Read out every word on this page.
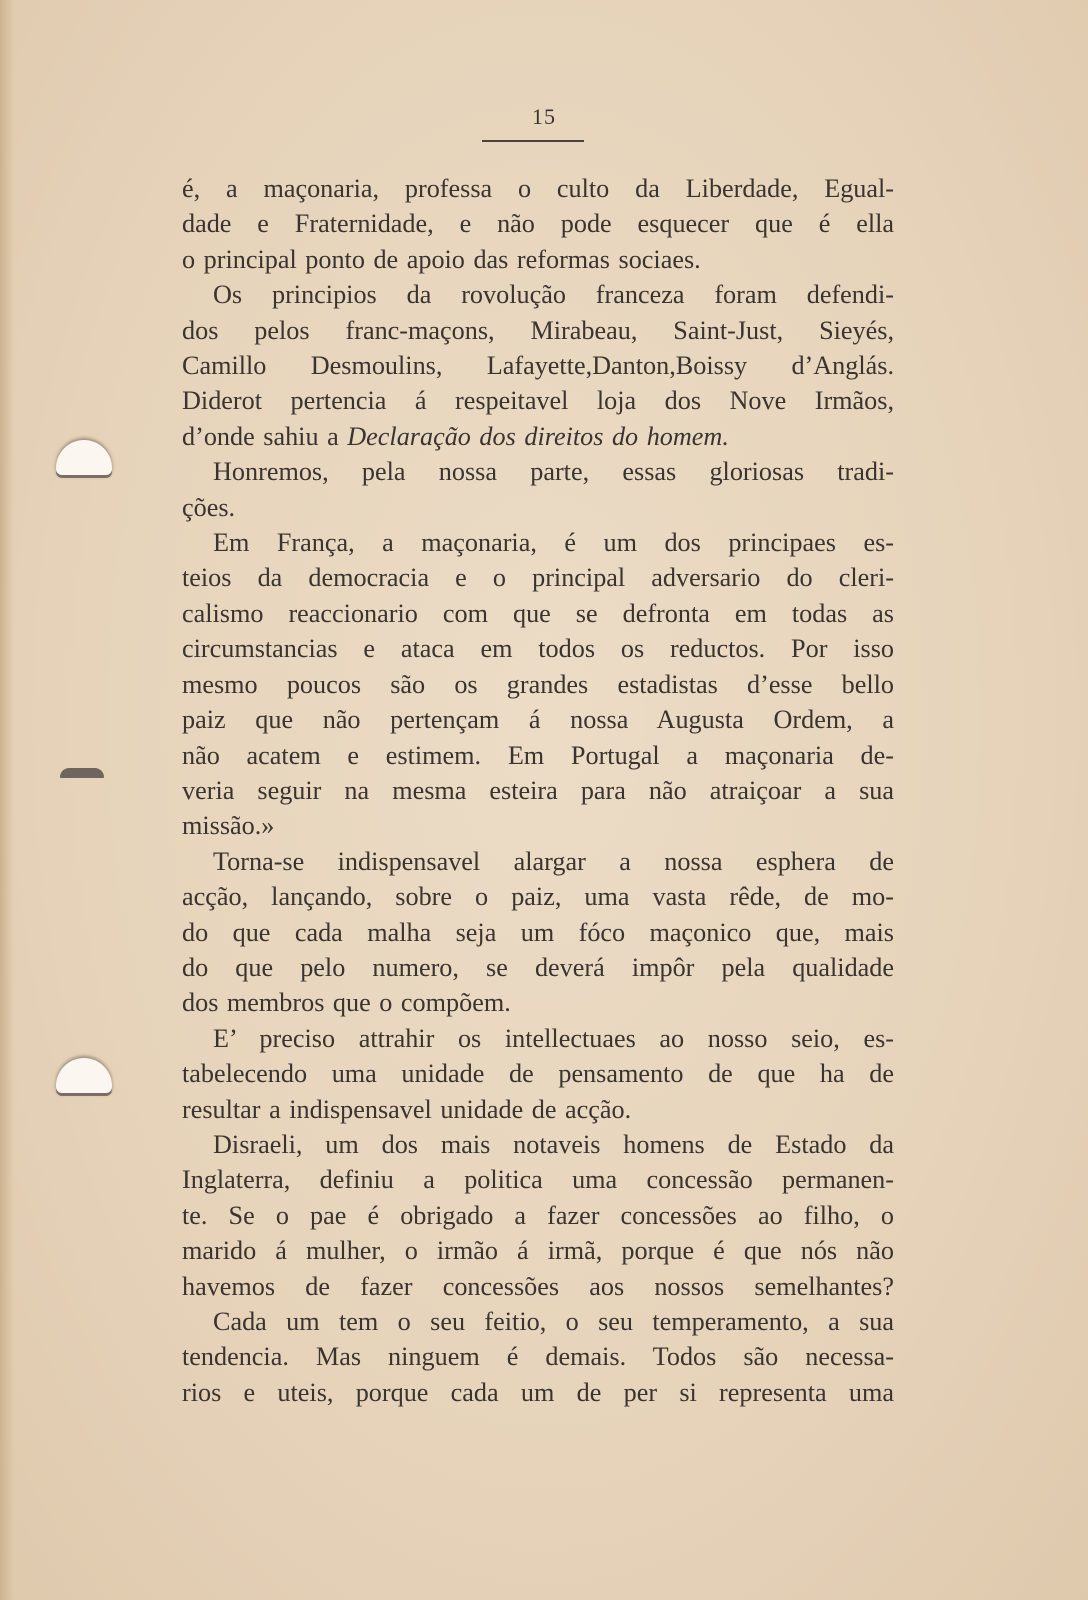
15
é, a maçonaria, professa o culto da Liberdade, Egual-
dade e Fraternidade, e não pode esquecer que é ella
o principal ponto de apoio das reformas sociaes.
Os principios da rovolução franceza foram defendi-
dos pelos franc-maçons, Mirabeau, Saint-Just, Sieyés,
Camillo Desmoulins, Lafayette,Danton,Boissy d’Anglás.
Diderot pertencia á respeitavel loja dos Nove Irmãos,
d’onde sahiu a Declaração dos direitos do homem.
Honremos, pela nossa parte, essas gloriosas tradi-
ções.
Em França, a maçonaria, é um dos principaes es-
teios da democracia e o principal adversario do cleri-
calismo reaccionario com que se defronta em todas as
circumstancias e ataca em todos os reductos. Por isso
mesmo poucos são os grandes estadistas d’esse bello
paiz que não pertençam á nossa Augusta Ordem, a
não acatem e estimem. Em Portugal a maçonaria de-
veria seguir na mesma esteira para não atraiçoar a sua
missão.»
Torna-se indispensavel alargar a nossa esphera de
acção, lançando, sobre o paiz, uma vasta rêde, de mo-
do que cada malha seja um fóco maçonico que, mais
do que pelo numero, se deverá impôr pela qualidade
dos membros que o compõem.
E’ preciso attrahir os intellectuaes ao nosso seio, es-
tabelecendo uma unidade de pensamento de que ha de
resultar a indispensavel unidade de acção.
Disraeli, um dos mais notaveis homens de Estado da
Inglaterra, definiu a politica uma concessão permanen-
te. Se o pae é obrigado a fazer concessões ao filho, o
marido á mulher, o irmão á irmã, porque é que nós não
havemos de fazer concessões aos nossos semelhantes?
Cada um tem o seu feitio, o seu temperamento, a sua
tendencia. Mas ninguem é demais. Todos são necessa-
rios e uteis, porque cada um de per si representa uma
